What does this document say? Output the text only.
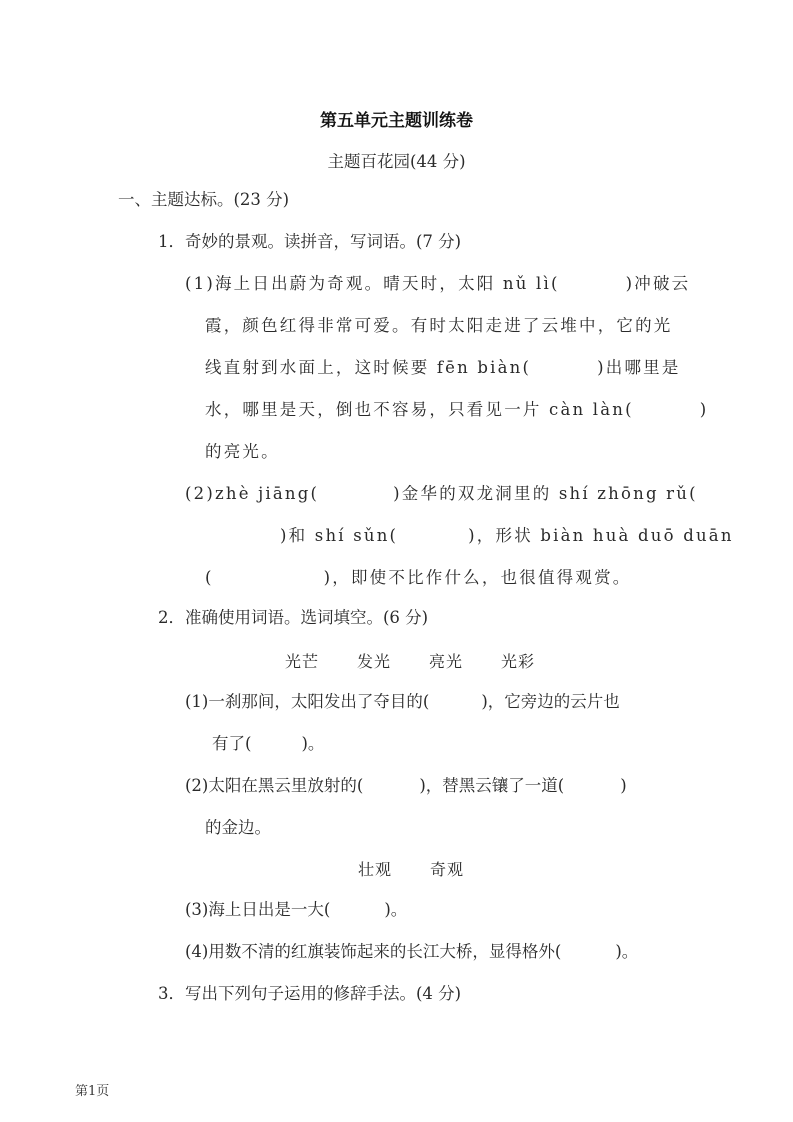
第五单元主题训练卷
主题百花园(44 分)
一、主题达标。(23 分)
1．奇妙的景观。读拼音，写词语。(7 分)
(1)海上日出蔚为奇观。晴天时，太阳 nǔ lì(	)冲破云
霞，颜色红得非常可爱。有时太阳走进了云堆中，它的光
线直射到水面上，这时候要 fēn biàn(	)出哪里是
水，哪里是天，倒也不容易，只看见一片 càn làn(	)
的亮光。
(2)zhè jiāng(	)金华的双龙洞里的 shí zhōng rǔ(
)和 shí sǔn(	)，形状 biàn huà duō duān
(	)，即使不比作什么，也很值得观赏。
2．准确使用词语。选词填空。(6 分)
光芒 发光 亮光 光彩
(1)一刹那间，太阳发出了夺目的(	)，它旁边的云片也
有了(	)。
(2)太阳在黑云里放射的(	)，替黑云镶了一道(	)
的金边。
壮观 奇观
(3)海上日出是一大(	)。
(4)用数不清的红旗装饰起来的长江大桥，显得格外(	)。
3．写出下列句子运用的修辞手法。(4 分)
第1页
